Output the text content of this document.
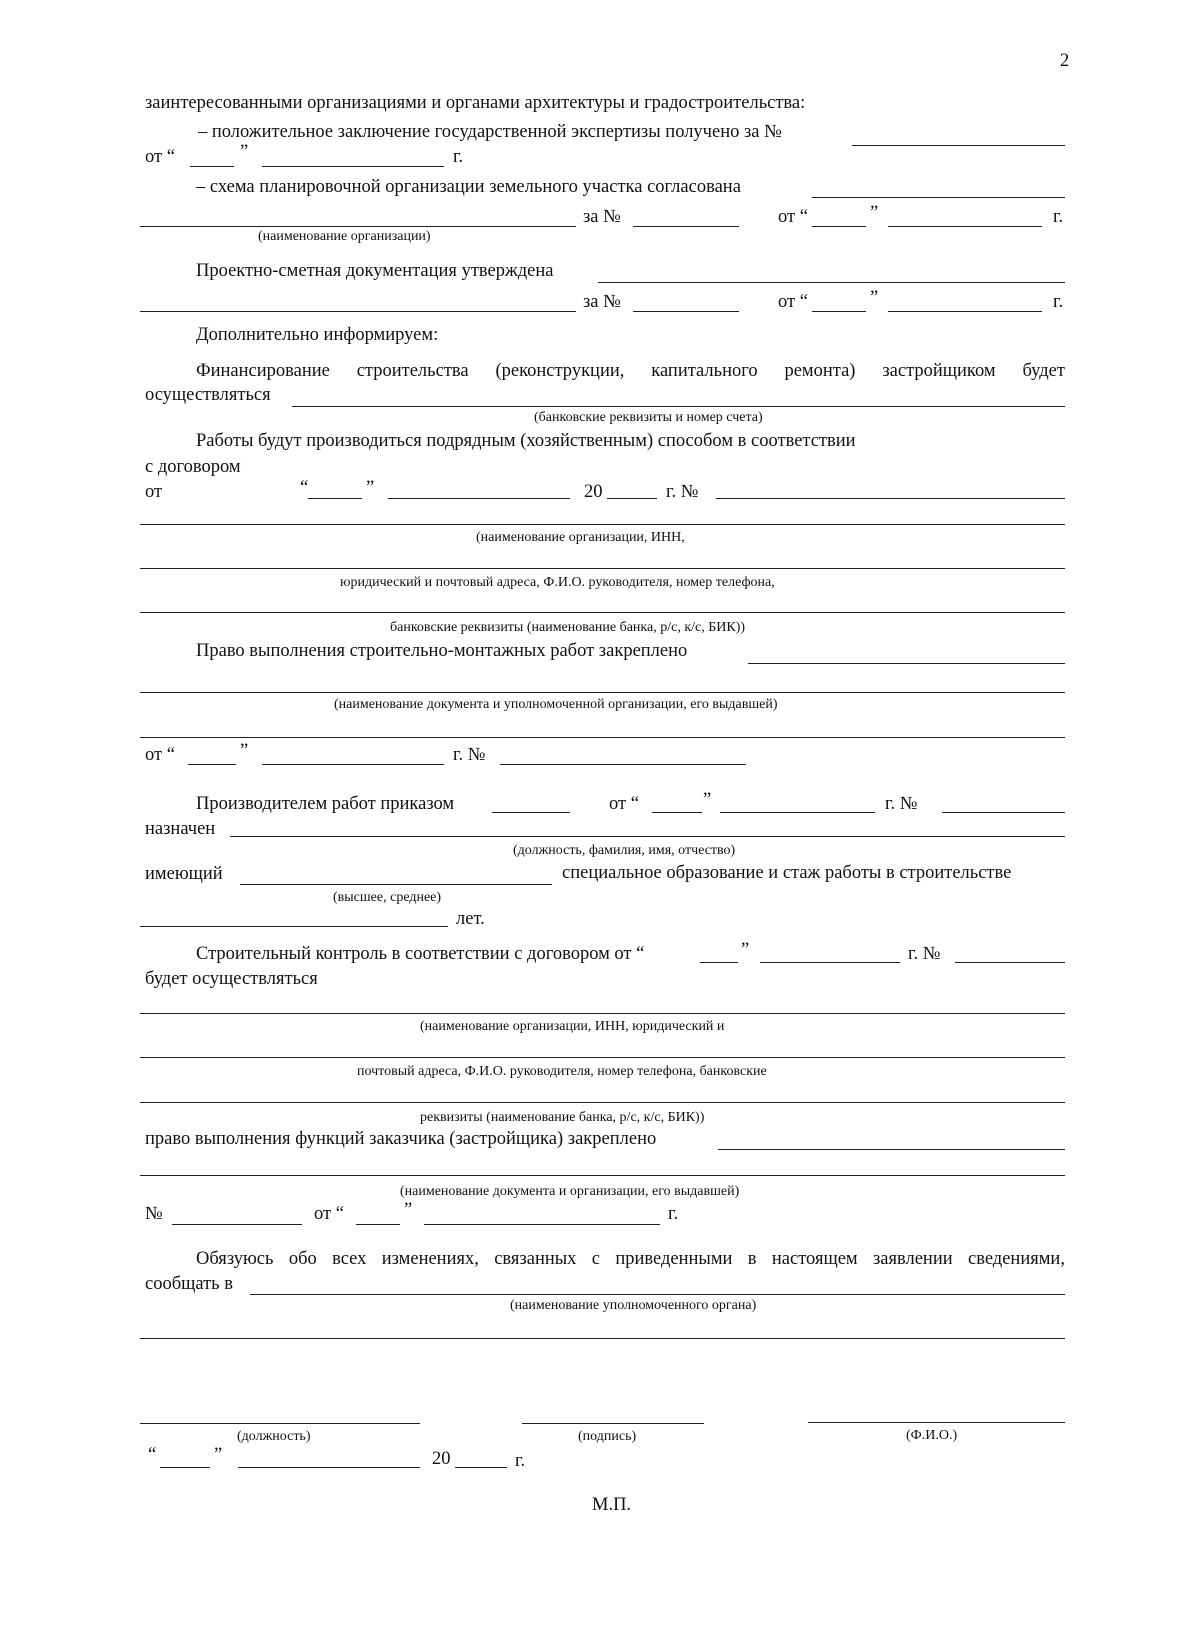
2
заинтересованными организациями и органами архитектуры и градостроительства:
– положительное заключение государственной экспертизы получено за №
от “	”	г.
– схема планировочной организации земельного участка согласована
за №	от “	”	г.
(наименование организации)
Проектно-сметная документация утверждена
за №	от “	”	г.
Дополнительно информируем:
Финансирование строительства (реконструкции, капитального ремонта) застройщиком будет
осуществляться
(банковские реквизиты и номер счета)
Работы будут производиться подрядным (хозяйственным) способом в соответствии
с договором
от	“	”	20	г. №
(наименование организации, ИНН,
юридический и почтовый адреса, Ф.И.О. руководителя, номер телефона,
банковские реквизиты (наименование банка, р/с, к/с, БИК))
Право выполнения строительно-монтажных работ закреплено
(наименование документа и уполномоченной организации, его выдавшей)
от “	”	г. №
Производителем работ приказом	от “	”	г. №
назначен
(должность, фамилия, имя, отчество)
имеющий	специальное образование и стаж работы в строительстве
(высшее, среднее)
лет.
Строительный контроль в соответствии с договором от “	”	г. №
будет осуществляться
(наименование организации, ИНН, юридический и
почтовый адреса, Ф.И.О. руководителя, номер телефона, банковские
реквизиты (наименование банка, р/с, к/с, БИК))
право выполнения функций заказчика (застройщика) закреплено
(наименование документа и организации, его выдавшей)
№	от “	”	г.
Обязуюсь обо всех изменениях, связанных с приведенными в настоящем заявлении сведениями,
сообщать в
(наименование уполномоченного органа)
(должность)	(подпись)	(Ф.И.О.)
“	”	20	г.
М.П.
